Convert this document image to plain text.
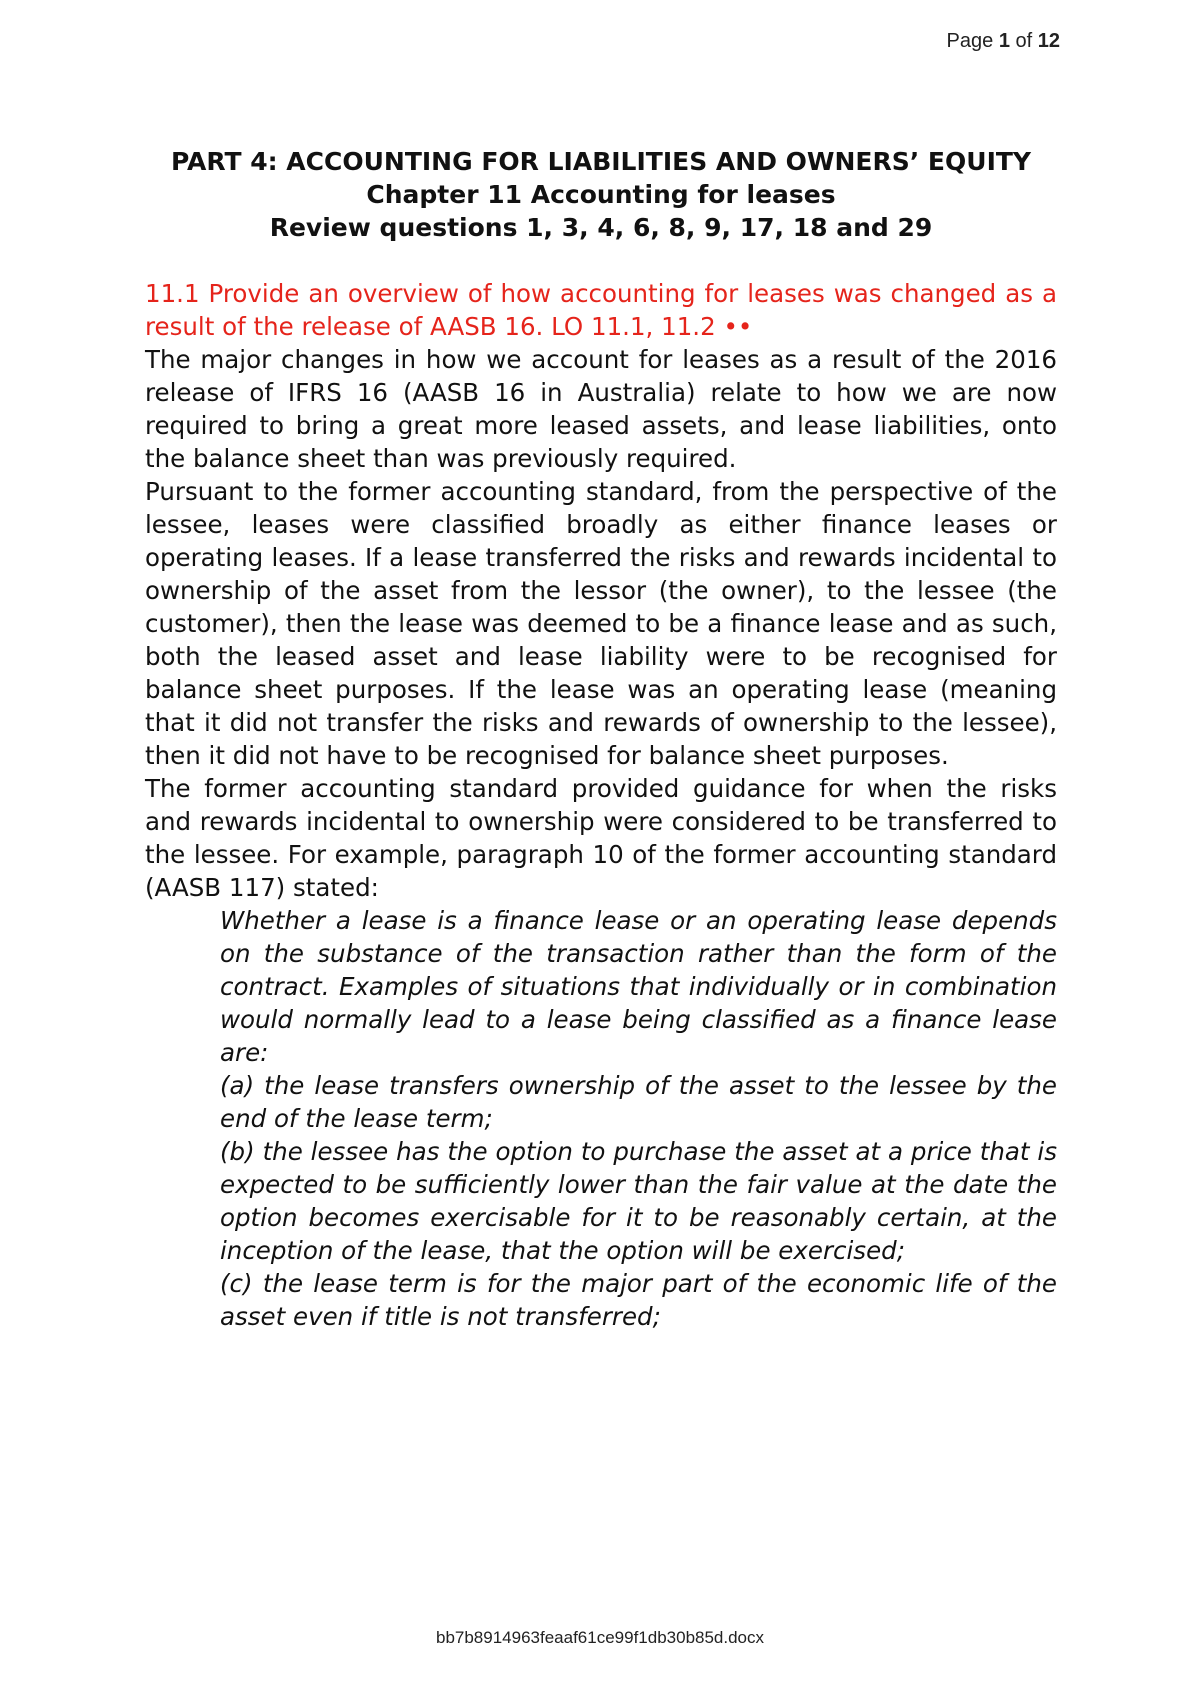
Page 1 of 12

PART 4: ACCOUNTING FOR LIABILITIES AND OWNERS’ EQUITY

Chapter 11 Accounting for leases

Review questions 1, 3, 4, 6, 8, 9, 17, 18 and 29

11.1 Provide an overview of how accounting for leases was changed as a result of the release of AASB 16. LO 11.1, 11.2 ••

The major changes in how we account for leases as a result of the 2016 release of IFRS 16 (AASB 16 in Australia) relate to how we are now required to bring a great more leased assets, and lease liabilities, onto the balance sheet than was previously required.

Pursuant to the former accounting standard, from the perspective of the lessee, leases were classified broadly as either finance leases or operating leases. If a lease transferred the risks and rewards incidental to ownership of the asset from the lessor (the owner), to the lessee (the customer), then the lease was deemed to be a finance lease and as such, both the leased asset and lease liability were to be recognised for balance sheet purposes. If the lease was an operating lease (meaning that it did not transfer the risks and rewards of ownership to the lessee), then it did not have to be recognised for balance sheet purposes.

The former accounting standard provided guidance for when the risks and rewards incidental to ownership were considered to be transferred to the lessee. For example, paragraph 10 of the former accounting standard (AASB 117) stated:

Whether a lease is a finance lease or an operating lease depends on the substance of the transaction rather than the form of the contract. Examples of situations that individually or in combination would normally lead to a lease being classified as a finance lease are:

(a) the lease transfers ownership of the asset to the lessee by the end of the lease term;

(b) the lessee has the option to purchase the asset at a price that is expected to be sufficiently lower than the fair value at the date the option becomes exercisable for it to be reasonably certain, at the inception of the lease, that the option will be exercised;

(c) the lease term is for the major part of the economic life of the asset even if title is not transferred;

bb7b8914963feaaf61ce99f1db30b85d.docx
